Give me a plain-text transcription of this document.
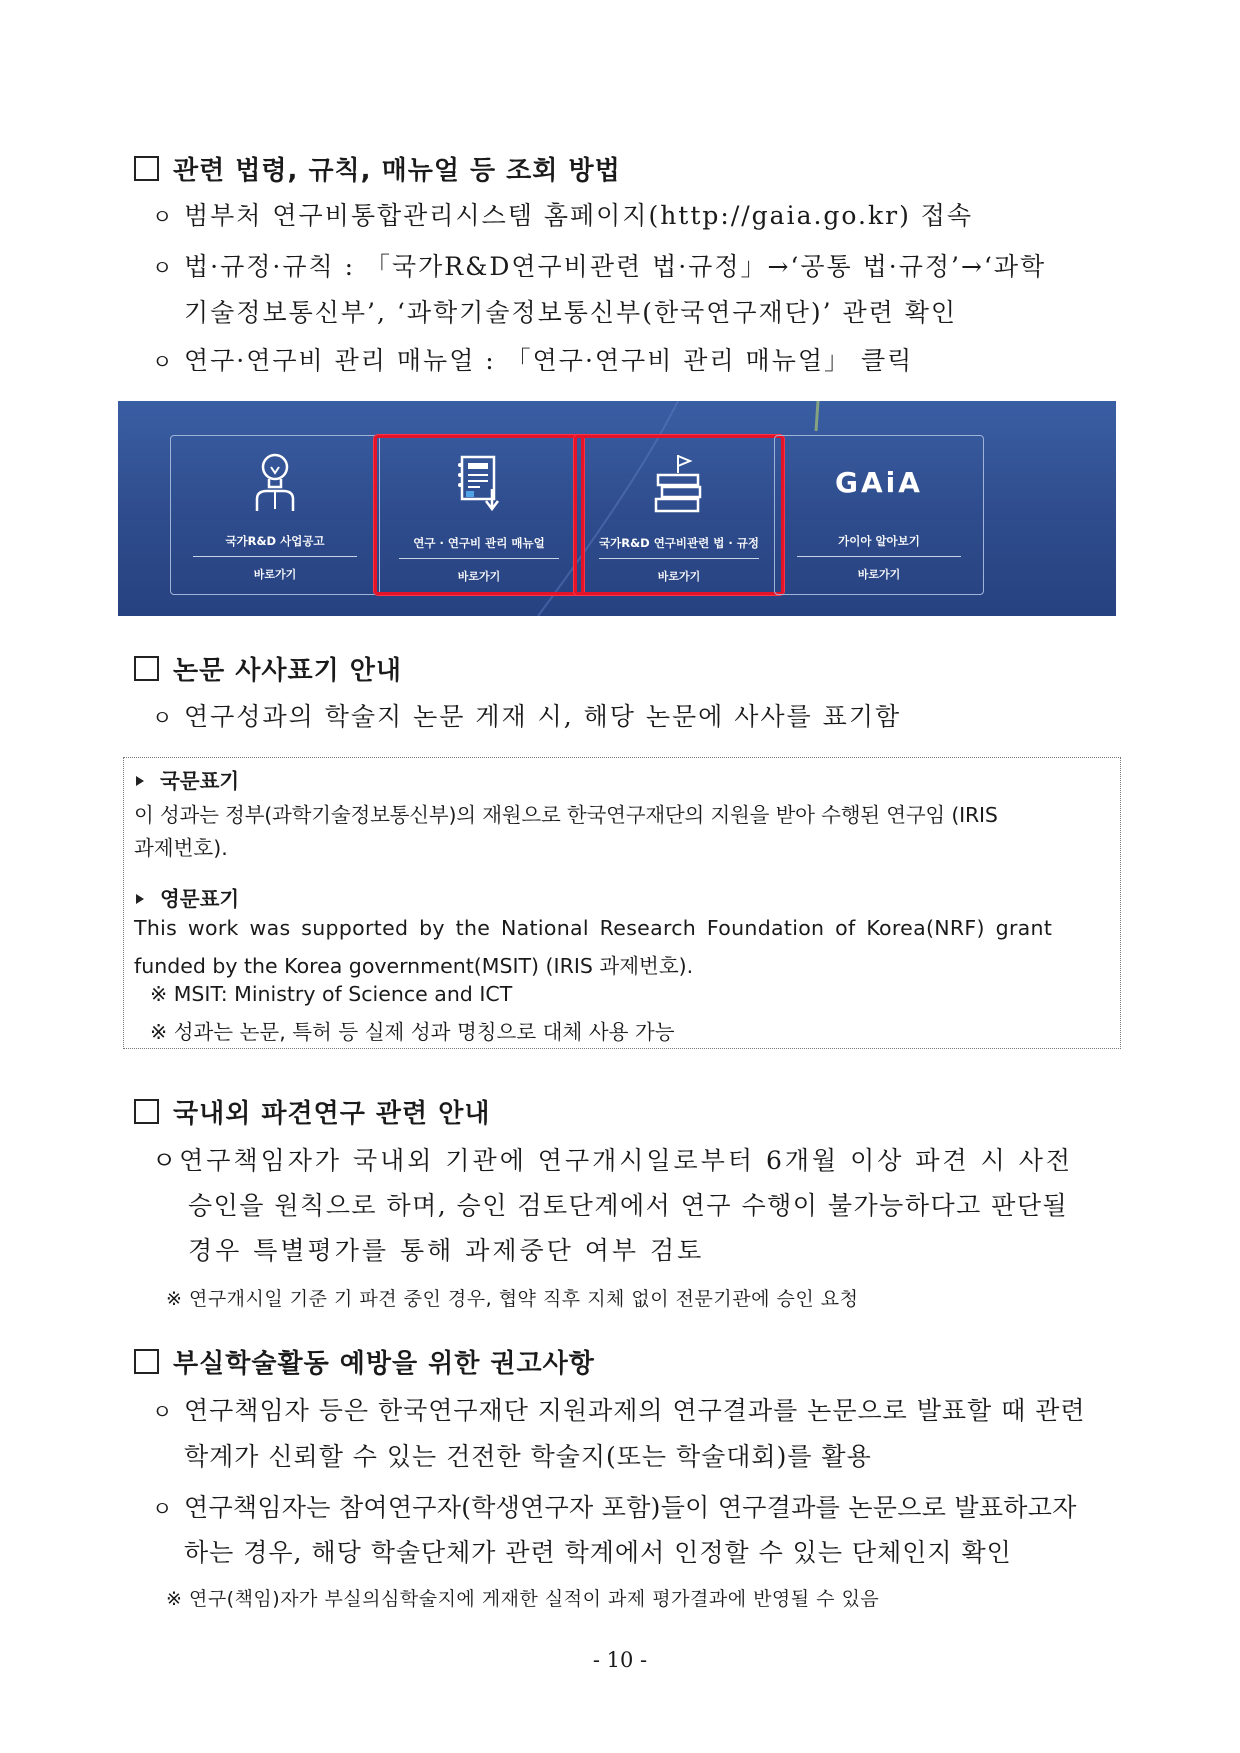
관련 법령, 규칙, 매뉴얼 등 조회 방법
ㅇ 범부처 연구비통합관리시스템 홈페이지(http://gaia.go.kr) 접속
ㅇ 법·규정·규칙 : 「국가R&D연구비관련 법·규정」→‘공통 법·규정’→‘과학
기술정보통신부’, ‘과학기술정보통신부(한국연구재단)’ 관련 확인
ㅇ 연구·연구비 관리 매뉴얼 : 「연구·연구비 관리 매뉴얼」 클릭
국가R&D 사업공고
바로가기
연구 · 연구비 관리 매뉴얼
바로가기
국가R&D 연구비관련 법 · 규정
바로가기
GAiA
가이아 알아보기
바로가기
논문 사사표기 안내
ㅇ 연구성과의 학술지 논문 게재 시, 해당 논문에 사사를 표기함
국문표기
이 성과는 정부(과학기술정보통신부)의 재원으로 한국연구재단의 지원을 받아 수행된 연구임 (IRIS
과제번호).
영문표기
This work was supported by the National Research Foundation of Korea(NRF) grant
funded by the Korea government(MSIT) (IRIS 과제번호).
※ MSIT: Ministry of Science and ICT
※ 성과는 논문, 특허 등 실제 성과 명칭으로 대체 사용 가능
국내외 파견연구 관련 안내
ㅇ연구책임자가 국내외 기관에 연구개시일로부터 6개월 이상 파견 시 사전
승인을 원칙으로 하며, 승인 검토단계에서 연구 수행이 불가능하다고 판단될
경우 특별평가를 통해 과제중단 여부 검토
※ 연구개시일 기준 기 파견 중인 경우, 협약 직후 지체 없이 전문기관에 승인 요청
부실학술활동 예방을 위한 권고사항
ㅇ 연구책임자 등은 한국연구재단 지원과제의 연구결과를 논문으로 발표할 때 관련
학계가 신뢰할 수 있는 건전한 학술지(또는 학술대회)를 활용
ㅇ 연구책임자는 참여연구자(학생연구자 포함)들이 연구결과를 논문으로 발표하고자
하는 경우, 해당 학술단체가 관련 학계에서 인정할 수 있는 단체인지 확인
※ 연구(책임)자가 부실의심학술지에 게재한 실적이 과제 평가결과에 반영될 수 있음
- 10 -
